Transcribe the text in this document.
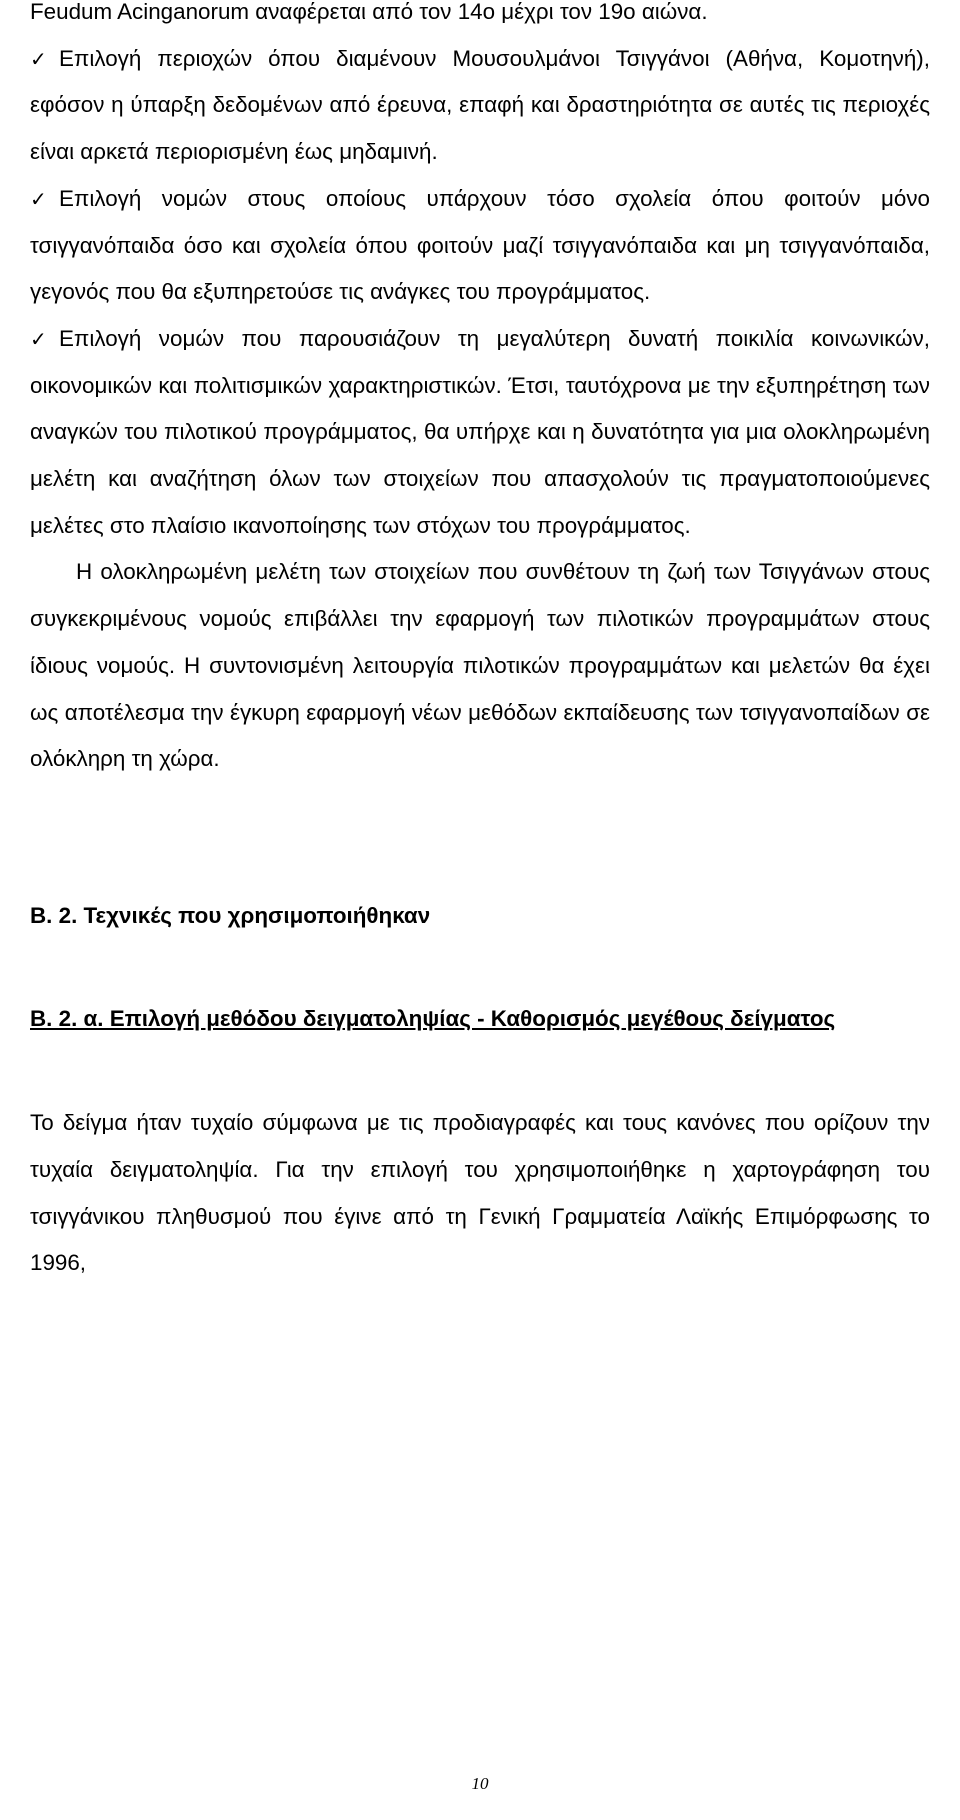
Feudum Acinganorum αναφέρεται από τον 14ο μέχρι τον 19ο αιώνα.

✓ Επιλογή περιοχών όπου διαμένουν Μουσουλμάνοι Τσιγγάνοι (Αθήνα, Κομοτηνή), εφόσον η ύπαρξη δεδομένων από έρευνα, επαφή και δραστηριότητα σε αυτές τις περιοχές είναι αρκετά περιορισμένη έως μηδαμινή.

✓ Επιλογή νομών στους οποίους υπάρχουν τόσο σχολεία όπου φοιτούν μόνο τσιγγανόπαιδα όσο και σχολεία όπου φοιτούν μαζί τσιγγανόπαιδα και μη τσιγγανόπαιδα, γεγονός που θα εξυπηρετούσε τις ανάγκες του προγράμματος.

✓ Επιλογή νομών που παρουσιάζουν τη μεγαλύτερη δυνατή ποικιλία κοινωνικών, οικονομικών και πολιτισμικών χαρακτηριστικών. Έτσι, ταυτόχρονα με την εξυπηρέτηση των αναγκών του πιλοτικού προγράμματος, θα υπήρχε και η δυνατότητα για μια ολοκληρωμένη μελέτη και αναζήτηση όλων των στοιχείων που απασχολούν τις πραγματοποιούμενες μελέτες στο πλαίσιο ικανοποίησης των στόχων του προγράμματος.

Η ολοκληρωμένη μελέτη των στοιχείων που συνθέτουν τη ζωή των Τσιγγάνων στους συγκεκριμένους νομούς επιβάλλει την εφαρμογή των πιλοτικών προγραμμάτων στους ίδιους νομούς. Η συντονισμένη λειτουργία πιλοτικών προγραμμάτων και μελετών θα έχει ως αποτέλεσμα την έγκυρη εφαρμογή νέων μεθόδων εκπαίδευσης των τσιγγανοπαίδων σε ολόκληρη τη χώρα.

Β. 2. Τεχνικές που χρησιμοποιήθηκαν

Β. 2. α. Επιλογή μεθόδου δειγματοληψίας - Καθορισμός μεγέθους δείγματος

Το δείγμα ήταν τυχαίο σύμφωνα με τις προδιαγραφές και τους κανόνες που ορίζουν την τυχαία δειγματοληψία. Για την επιλογή του χρησιμοποιήθηκε η χαρτογράφηση του τσιγγάνικου πληθυσμού που έγινε από τη Γενική Γραμματεία Λαϊκής Επιμόρφωσης το 1996,

10
